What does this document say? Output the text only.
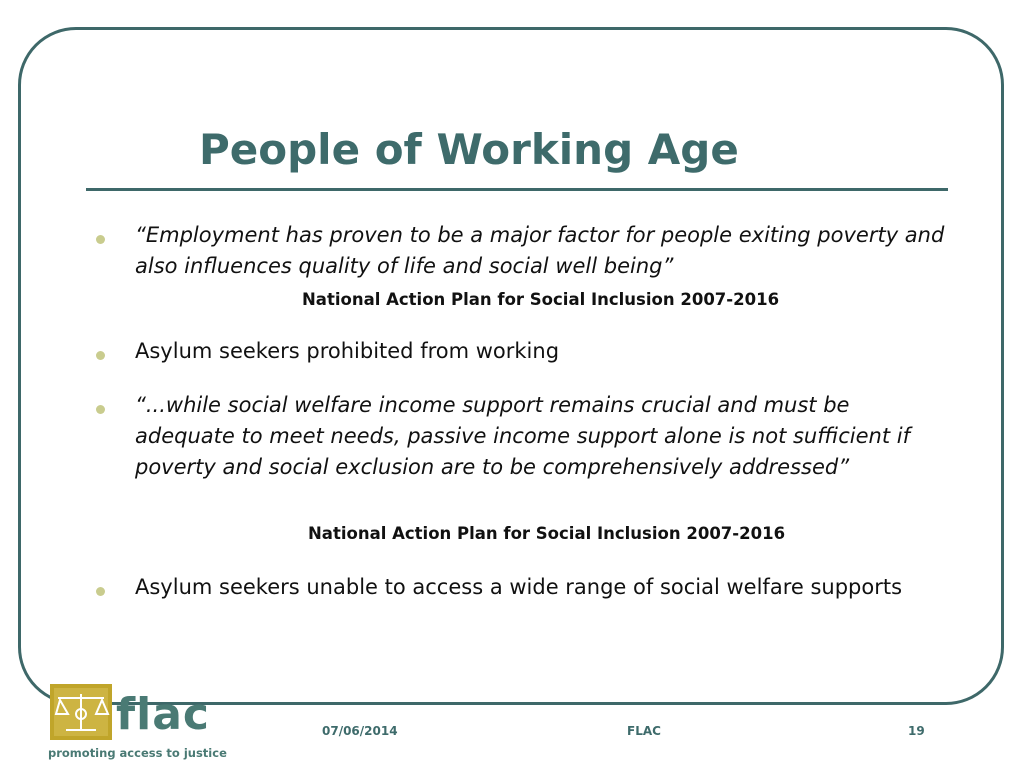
People of Working Age
“Employment has proven to be a major factor for people exiting poverty and also influences quality of life and social well being”
National Action Plan for Social Inclusion 2007-2016
Asylum seekers prohibited from working
“...while social welfare income support remains crucial and must be adequate to meet needs, passive income support alone is not sufficient if poverty and social exclusion are to be comprehensively addressed”
National Action Plan for Social Inclusion 2007-2016
Asylum seekers unable to access a wide range of social welfare supports
flac
promoting access to justice
07/06/2014	FLAC	19
